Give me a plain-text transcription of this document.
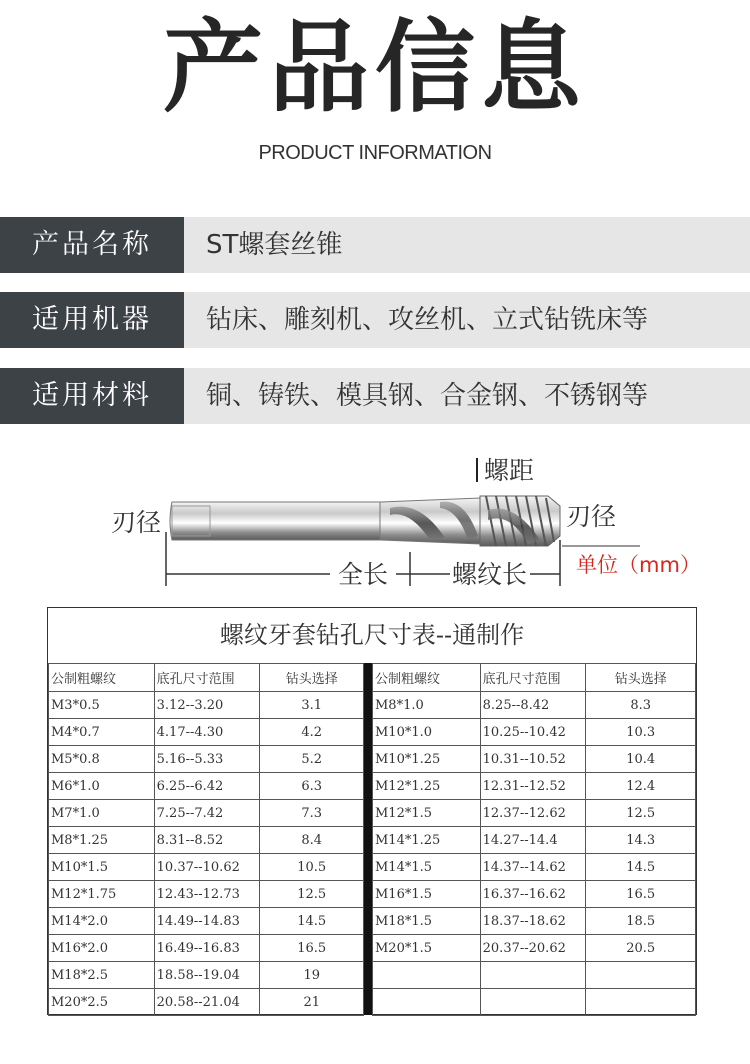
产品信息
PRODUCT INFORMATION
产品名称	ST螺套丝锥
适用机器	钻床、雕刻机、攻丝机、立式钻铣床等
适用材料	铜、铸铁、模具钢、合金钢、不锈钢等
螺距
刃径	刃径
全长	螺纹长 单位（mm）
螺纹牙套钻孔尺寸表--通制作
公制粗螺纹	底孔尺寸范围	钻头选择
M3*0.5	3.12--3.20	3.1
M4*0.7	4.17--4.30	4.2
M5*0.8	5.16--5.33	5.2
M6*1.0	6.25--6.42	6.3
M7*1.0	7.25--7.42	7.3
M8*1.25	8.31--8.52	8.4
M10*1.5	10.37--10.62	10.5
M12*1.75	12.43--12.73	12.5
M14*2.0	14.49--14.83	14.5
M16*2.0	16.49--16.83	16.5
M18*2.5	18.58--19.04	19
M20*2.5	20.58--21.04	21
公制粗螺纹	底孔尺寸范围	钻头选择
M8*1.0	8.25--8.42	8.3
M10*1.0	10.25--10.42	10.3
M10*1.25	10.31--10.52	10.4
M12*1.25	12.31--12.52	12.4
M12*1.5	12.37--12.62	12.5
M14*1.25	14.27--14.4	14.3
M14*1.5	14.37--14.62	14.5
M16*1.5	16.37--16.62	16.5
M18*1.5	18.37--18.62	18.5
M20*1.5	20.37--20.62	20.5
